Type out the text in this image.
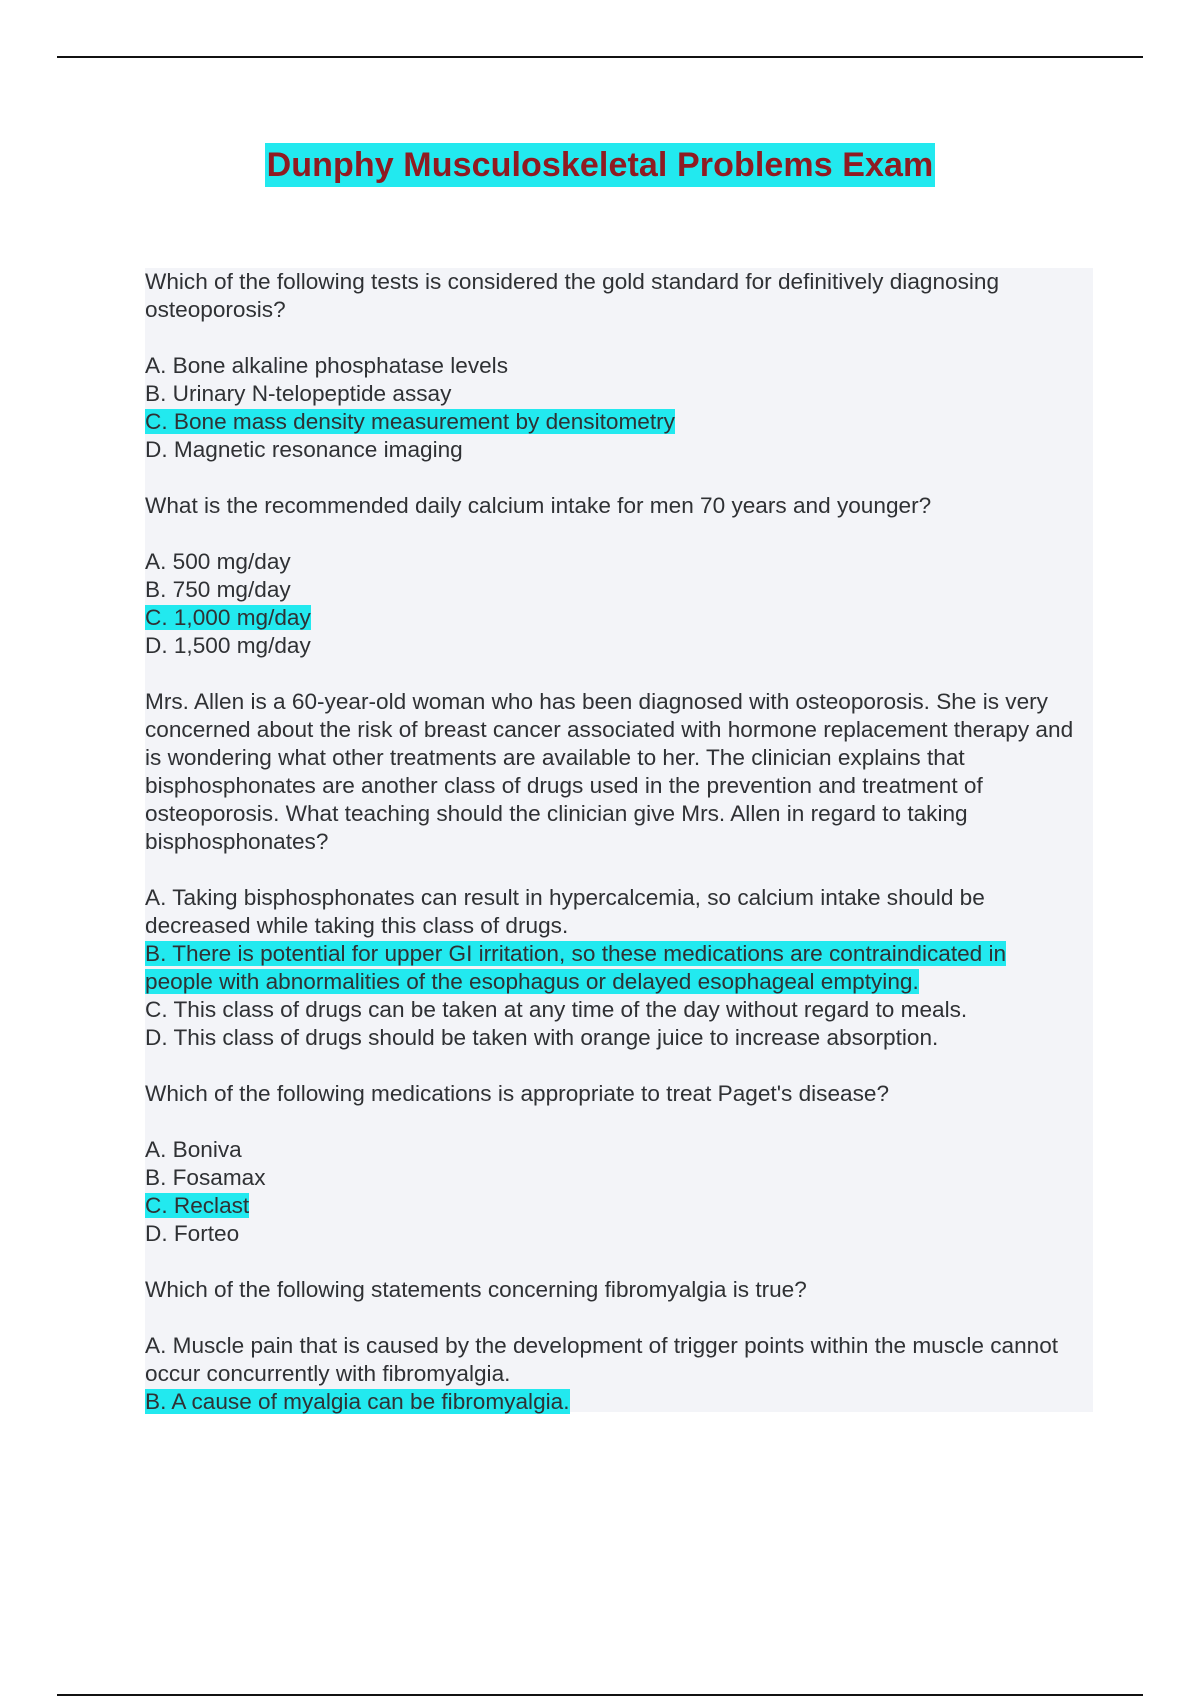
Dunphy Musculoskeletal Problems Exam
Which of the following tests is considered the gold standard for definitively diagnosing osteoporosis?
A. Bone alkaline phosphatase levels
B. Urinary N-telopeptide assay
C. Bone mass density measurement by densitometry
D. Magnetic resonance imaging
What is the recommended daily calcium intake for men 70 years and younger?
A. 500 mg/day
B. 750 mg/day
C. 1,000 mg/day
D. 1,500 mg/day
Mrs. Allen is a 60-year-old woman who has been diagnosed with osteoporosis. She is very concerned about the risk of breast cancer associated with hormone replacement therapy and is wondering what other treatments are available to her. The clinician explains that bisphosphonates are another class of drugs used in the prevention and treatment of osteoporosis. What teaching should the clinician give Mrs. Allen in regard to taking bisphosphonates?
A. Taking bisphosphonates can result in hypercalcemia, so calcium intake should be decreased while taking this class of drugs.
B. There is potential for upper GI irritation, so these medications are contraindicated in people with abnormalities of the esophagus or delayed esophageal emptying.
C. This class of drugs can be taken at any time of the day without regard to meals.
D. This class of drugs should be taken with orange juice to increase absorption.
Which of the following medications is appropriate to treat Paget's disease?
A. Boniva
B. Fosamax
C. Reclast
D. Forteo
Which of the following statements concerning fibromyalgia is true?
A. Muscle pain that is caused by the development of trigger points within the muscle cannot occur concurrently with fibromyalgia.
B. A cause of myalgia can be fibromyalgia.
